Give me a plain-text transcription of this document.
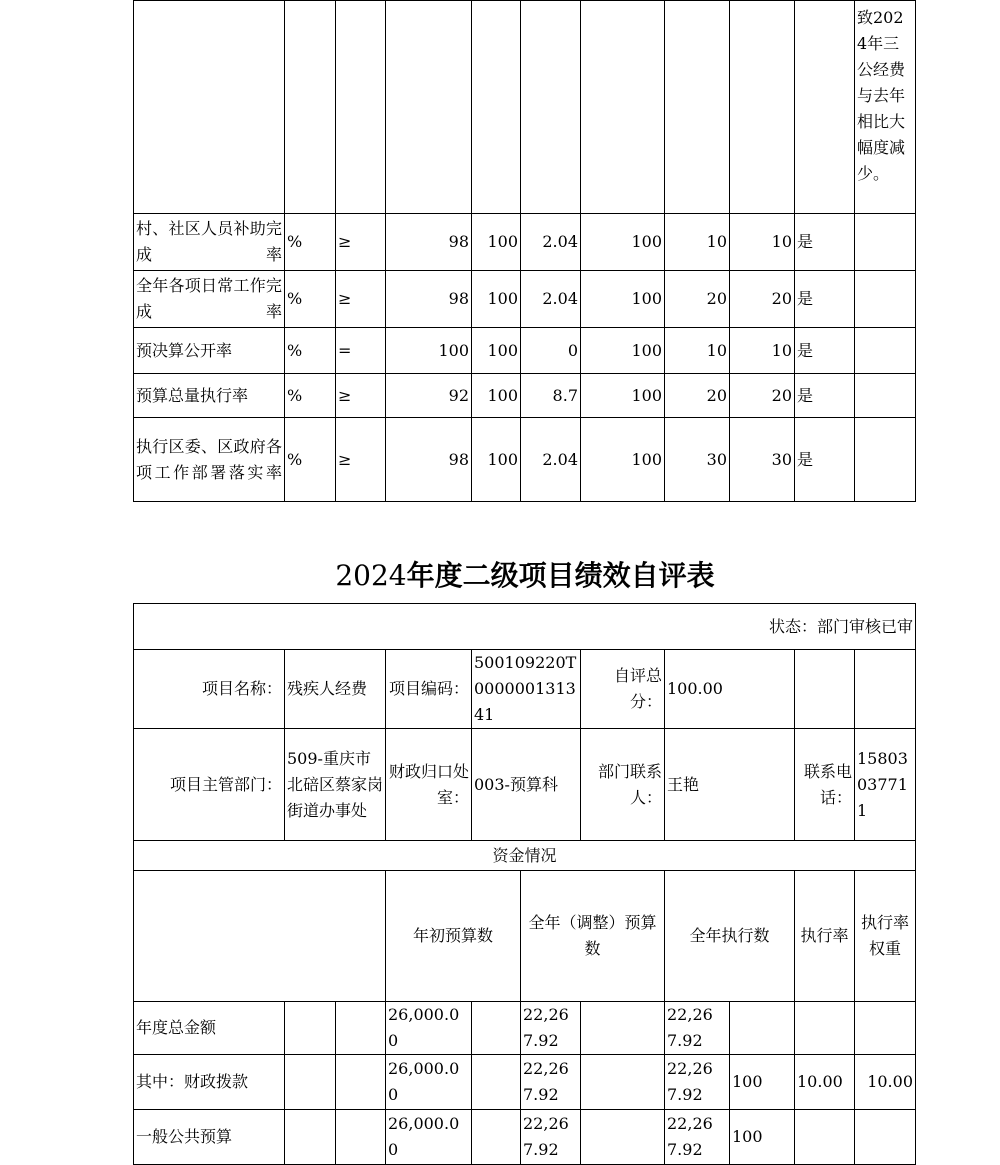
										致2024年三公经费与去年相比大幅度减少。
村、社区人员补助完成率	%	≥	98	100	2.04	100	10	10	是	
全年各项日常工作完成率	%	≥	98	100	2.04	100	20	20	是	
预决算公开率	%	=	100	100	0	100	10	10	是	
预算总量执行率	%	≥	92	100	8.7	100	20	20	是	
执行区委、区政府各项工作部署落实率	%	≥	98	100	2.04	100	30	30	是	
2024年度二级项目绩效自评表
状态：部门审核已审											
项目名称：	残疾人经费		项目编码：	500109220T000000131341		自评总分：	100.00				
项目主管部门：	509-重庆市北碚区蔡家岗街道办事处		财政归口处室：	003-预算科		部门联系人：	王艳		联系电话：	15803037711	
资金情况											
			年初预算数		全年（调整）预算数		全年执行数		执行率	执行率权重	
年度总金额			26,000.00		22,267.92		22,267.92				
其中：财政拨款			26,000.00		22,267.92		22,267.92	100	10.00	10.00	
一般公共预算			26,000.00		22,267.92		22,267.92	100			
